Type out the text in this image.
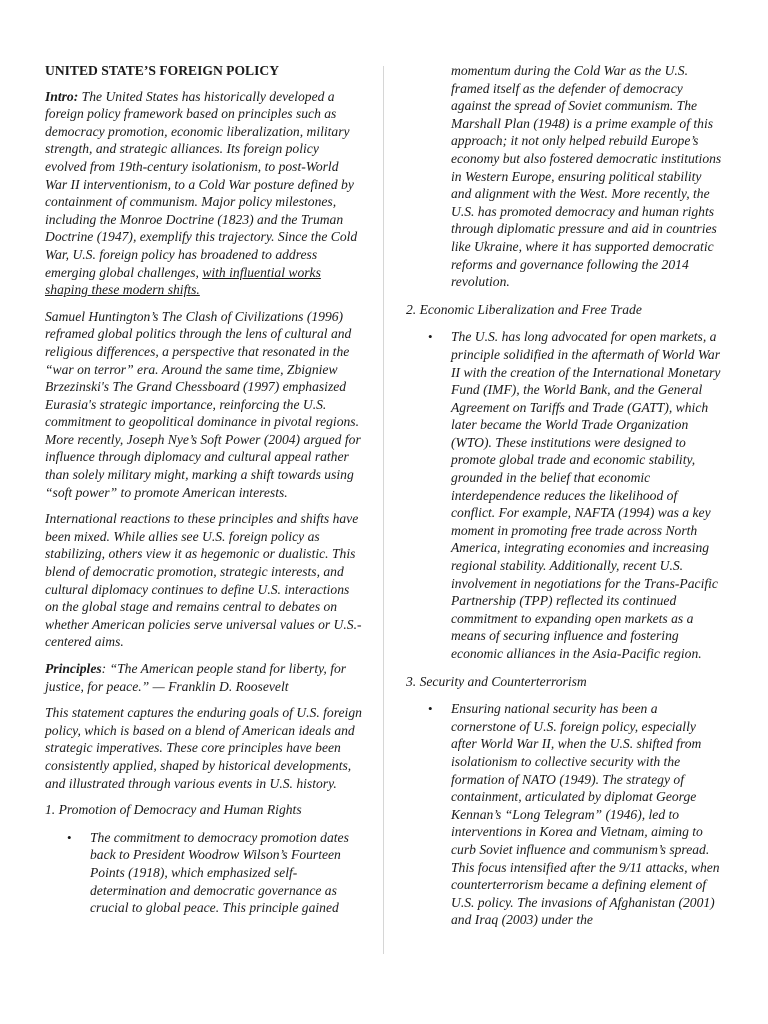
UNITED STATE’S FOREIGN POLICY

Intro: The United States has historically developed a foreign policy framework based on principles such as democracy promotion, economic liberalization, military strength, and strategic alliances. Its foreign policy evolved from 19th-century isolationism, to post-World War II interventionism, to a Cold War posture defined by containment of communism. Major policy milestones, including the Monroe Doctrine (1823) and the Truman Doctrine (1947), exemplify this trajectory. Since the Cold War, U.S. foreign policy has broadened to address emerging global challenges, with influential works shaping these modern shifts.

Samuel Huntington’s The Clash of Civilizations (1996) reframed global politics through the lens of cultural and religious differences, a perspective that resonated in the “war on terror” era. Around the same time, Zbigniew Brzezinski's The Grand Chessboard (1997) emphasized Eurasia's strategic importance, reinforcing the U.S. commitment to geopolitical dominance in pivotal regions. More recently, Joseph Nye’s Soft Power (2004) argued for influence through diplomacy and cultural appeal rather than solely military might, marking a shift towards using “soft power” to promote American interests.

International reactions to these principles and shifts have been mixed. While allies see U.S. foreign policy as stabilizing, others view it as hegemonic or dualistic. This blend of democratic promotion, strategic interests, and cultural diplomacy continues to define U.S. interactions on the global stage and remains central to debates on whether American policies serve universal values or U.S.-centered aims.

Principles: “The American people stand for liberty, for justice, for peace.” — Franklin D. Roosevelt

This statement captures the enduring goals of U.S. foreign policy, which is based on a blend of American ideals and strategic imperatives. These core principles have been consistently applied, shaped by historical developments, and illustrated through various events in U.S. history.

1. Promotion of Democracy and Human Rights

• The commitment to democracy promotion dates back to President Woodrow Wilson’s Fourteen Points (1918), which emphasized self-determination and democratic governance as crucial to global peace. This principle gained

momentum during the Cold War as the U.S. framed itself as the defender of democracy against the spread of Soviet communism. The Marshall Plan (1948) is a prime example of this approach; it not only helped rebuild Europe’s economy but also fostered democratic institutions in Western Europe, ensuring political stability and alignment with the West. More recently, the U.S. has promoted democracy and human rights through diplomatic pressure and aid in countries like Ukraine, where it has supported democratic reforms and governance following the 2014 revolution.

2. Economic Liberalization and Free Trade

• The U.S. has long advocated for open markets, a principle solidified in the aftermath of World War II with the creation of the International Monetary Fund (IMF), the World Bank, and the General Agreement on Tariffs and Trade (GATT), which later became the World Trade Organization (WTO). These institutions were designed to promote global trade and economic stability, grounded in the belief that economic interdependence reduces the likelihood of conflict. For example, NAFTA (1994) was a key moment in promoting free trade across North America, integrating economies and increasing regional stability. Additionally, recent U.S. involvement in negotiations for the Trans-Pacific Partnership (TPP) reflected its continued commitment to expanding open markets as a means of securing influence and fostering economic alliances in the Asia-Pacific region.

3. Security and Counterterrorism

• Ensuring national security has been a cornerstone of U.S. foreign policy, especially after World War II, when the U.S. shifted from isolationism to collective security with the formation of NATO (1949). The strategy of containment, articulated by diplomat George Kennan’s “Long Telegram” (1946), led to interventions in Korea and Vietnam, aiming to curb Soviet influence and communism’s spread. This focus intensified after the 9/11 attacks, when counterterrorism became a defining element of U.S. policy. The invasions of Afghanistan (2001) and Iraq (2003) under the
